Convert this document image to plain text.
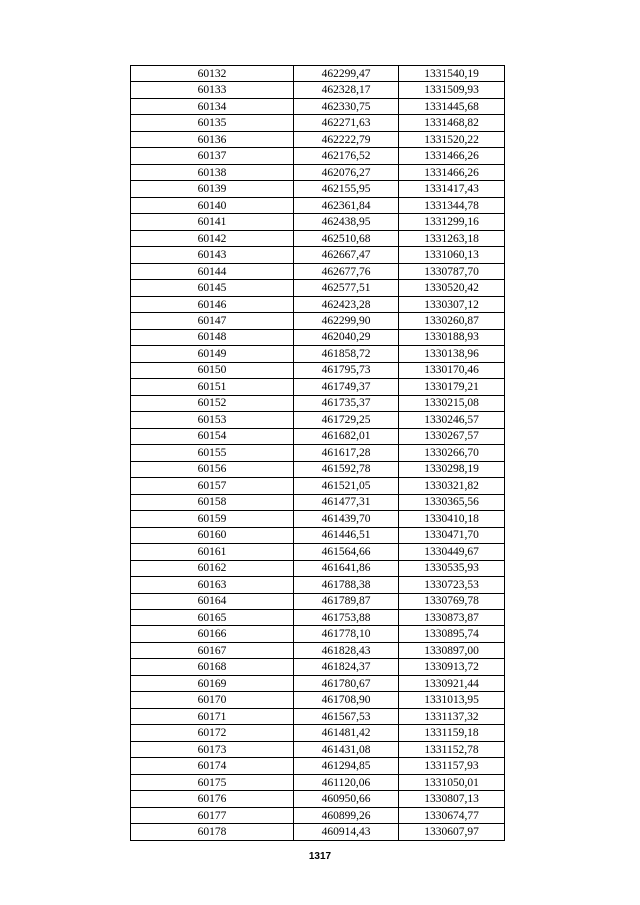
60132	462299,47	1331540,19
60133	462328,17	1331509,93
60134	462330,75	1331445,68
60135	462271,63	1331468,82
60136	462222,79	1331520,22
60137	462176,52	1331466,26
60138	462076,27	1331466,26
60139	462155,95	1331417,43
60140	462361,84	1331344,78
60141	462438,95	1331299,16
60142	462510,68	1331263,18
60143	462667,47	1331060,13
60144	462677,76	1330787,70
60145	462577,51	1330520,42
60146	462423,28	1330307,12
60147	462299,90	1330260,87
60148	462040,29	1330188,93
60149	461858,72	1330138,96
60150	461795,73	1330170,46
60151	461749,37	1330179,21
60152	461735,37	1330215,08
60153	461729,25	1330246,57
60154	461682,01	1330267,57
60155	461617,28	1330266,70
60156	461592,78	1330298,19
60157	461521,05	1330321,82
60158	461477,31	1330365,56
60159	461439,70	1330410,18
60160	461446,51	1330471,70
60161	461564,66	1330449,67
60162	461641,86	1330535,93
60163	461788,38	1330723,53
60164	461789,87	1330769,78
60165	461753,88	1330873,87
60166	461778,10	1330895,74
60167	461828,43	1330897,00
60168	461824,37	1330913,72
60169	461780,67	1330921,44
60170	461708,90	1331013,95
60171	461567,53	1331137,32
60172	461481,42	1331159,18
60173	461431,08	1331152,78
60174	461294,85	1331157,93
60175	461120,06	1331050,01
60176	460950,66	1330807,13
60177	460899,26	1330674,77
60178	460914,43	1330607,97
1317
